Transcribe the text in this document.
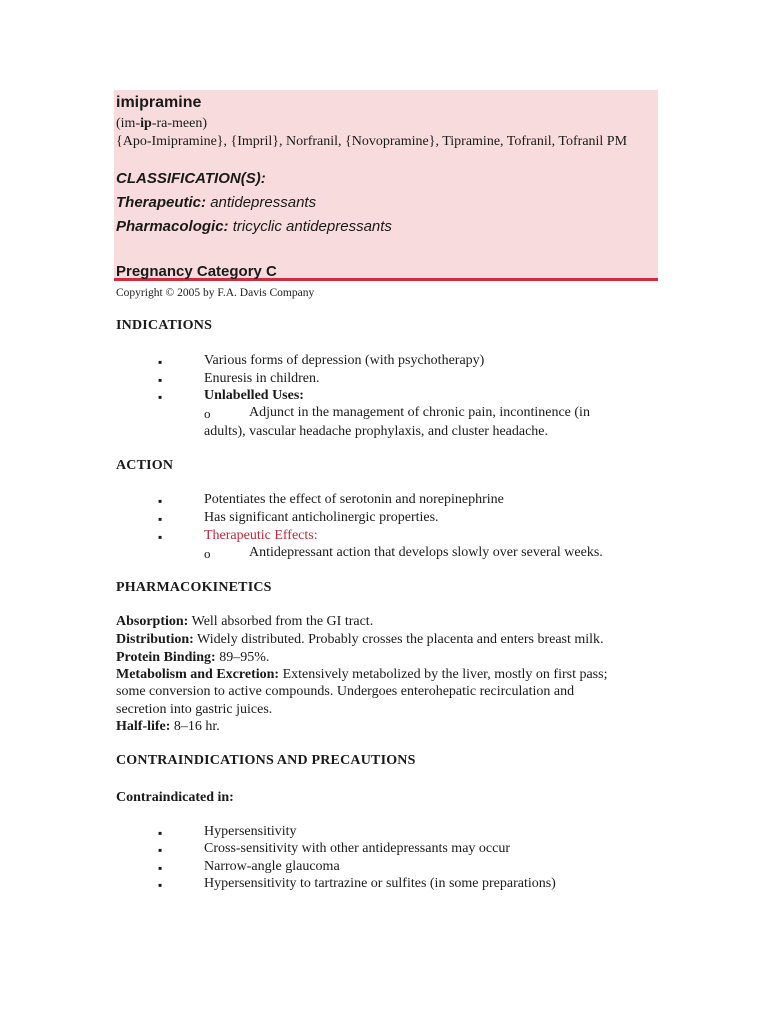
imipramine
(im-ip-ra-meen)
{Apo-Imipramine}, {Impril}, Norfranil, {Novopramine}, Tipramine, Tofranil, Tofranil PM
CLASSIFICATION(S):
Therapeutic: antidepressants
Pharmacologic: tricyclic antidepressants
Pregnancy Category C
Copyright © 2005 by F.A. Davis Company
INDICATIONS
▪	Various forms of depression (with psychotherapy)
▪	Enuresis in children.
▪	Unlabelled Uses:
o	Adjunct in the management of chronic pain, incontinence (in
adults), vascular headache prophylaxis, and cluster headache.
ACTION
▪	Potentiates the effect of serotonin and norepinephrine
▪	Has significant anticholinergic properties.
▪	Therapeutic Effects:
o	Antidepressant action that develops slowly over several weeks.
PHARMACOKINETICS
Absorption: Well absorbed from the GI tract.
Distribution: Widely distributed. Probably crosses the placenta and enters breast milk.
Protein Binding: 89–95%.
Metabolism and Excretion: Extensively metabolized by the liver, mostly on first pass;
some conversion to active compounds. Undergoes enterohepatic recirculation and
secretion into gastric juices.
Half-life: 8–16 hr.
CONTRAINDICATIONS AND PRECAUTIONS
Contraindicated in:
▪	Hypersensitivity
▪	Cross-sensitivity with other antidepressants may occur
▪	Narrow-angle glaucoma
▪	Hypersensitivity to tartrazine or sulfites (in some preparations)
